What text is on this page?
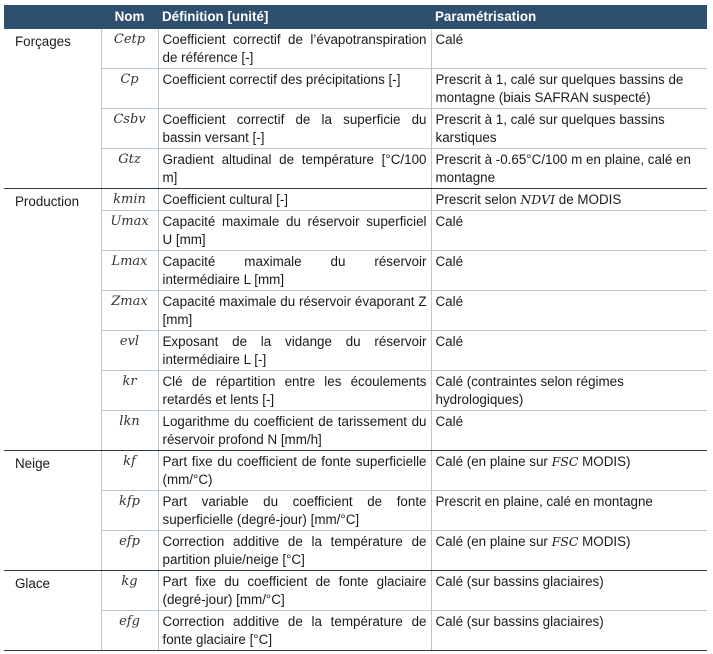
	Nom	Définition [unité]	Paramétrisation
Forçages	Cetp	Coefficient correctif de l’évapotranspiration de référence [-]	Calé
	Cp	Coefficient correctif des précipitations [-]	Prescrit à 1, calé sur quelques bassins de montagne (biais SAFRAN suspecté)
	Csbv	Coefficient correctif de la superficie du bassin versant [-]	Prescrit à 1, calé sur quelques bassins karstiques
	Gtz	Gradient altudinal de température [°C/100 m]	Prescrit à -0.65°C/100 m en plaine, calé en montagne
Production	kmin	Coefficient cultural [-]	Prescrit selon NDVI de MODIS
	Umax	Capacité maximale du réservoir superficiel U [mm]	Calé
	Lmax	Capacité maximale du réservoir intermédiaire L [mm]	Calé
	Zmax	Capacité maximale du réservoir évaporant Z [mm]	Calé
	evl	Exposant de la vidange du réservoir intermédiaire L [-]	Calé
	kr	Clé de répartition entre les écoulements retardés et lents [-]	Calé (contraintes selon régimes hydrologiques)
	lkn	Logarithme du coefficient de tarissement du réservoir profond N [mm/h]	Calé
Neige	kf	Part fixe du coefficient de fonte superficielle (mm/°C)	Calé (en plaine sur FSC MODIS)
	kfp	Part variable du coefficient de fonte superficielle (degré-jour) [mm/°C]	Prescrit en plaine, calé en montagne
	efp	Correction additive de la température de partition pluie/neige [°C]	Calé (en plaine sur FSC MODIS)
Glace	kg	Part fixe du coefficient de fonte glaciaire (degré-jour) [mm/°C]	Calé (sur bassins glaciaires)
	efg	Correction additive de la température de fonte glaciaire [°C]	Calé (sur bassins glaciaires)
